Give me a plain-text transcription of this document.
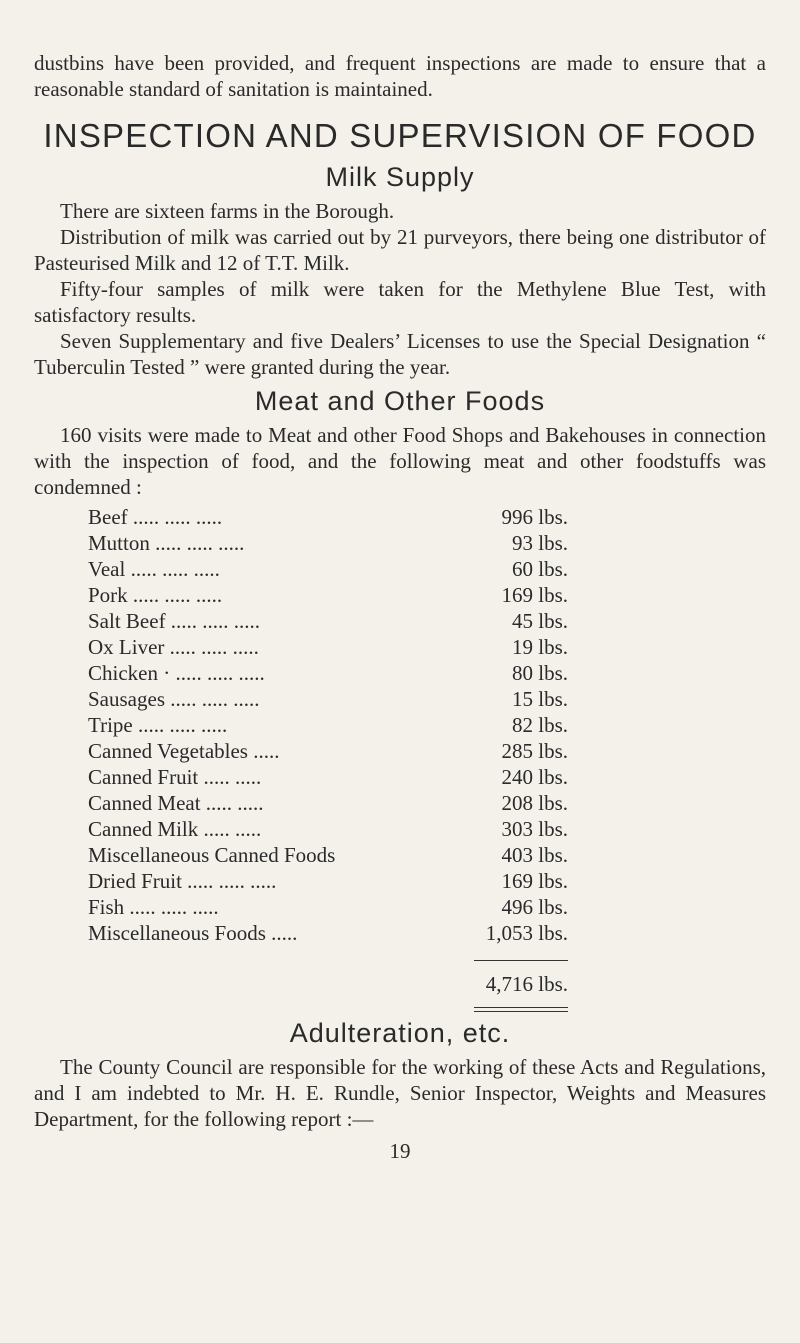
dustbins have been provided, and frequent inspections are made to ensure that a reasonable standard of sanitation is maintained.

INSPECTION AND SUPERVISION OF FOOD
Milk Supply

There are sixteen farms in the Borough.

Distribution of milk was carried out by 21 purveyors, there being one distributor of Pasteurised Milk and 12 of T.T. Milk.

Fifty-four samples of milk were taken for the Methylene Blue Test, with satisfactory results.

Seven Supplementary and five Dealers’ Licenses to use the Special Designation “ Tuberculin Tested ” were granted during the year.

Meat and Other Foods

160 visits were made to Meat and other Food Shops and Bakehouses in connection with the inspection of food, and the following meat and other foodstuffs was condemned :

Beef ..... ..... .....	996 lbs.
Mutton ..... ..... .....	93 lbs.
Veal ..... ..... .....	60 lbs.
Pork ..... ..... .....	169 lbs.
Salt Beef ..... ..... .....	45 lbs.
Ox Liver ..... ..... .....	19 lbs.
Chicken · ..... ..... .....	80 lbs.
Sausages ..... ..... .....	15 lbs.
Tripe ..... ..... .....	82 lbs.
Canned Vegetables .....	285 lbs.
Canned Fruit ..... .....	240 lbs.
Canned Meat ..... .....	208 lbs.
Canned Milk ..... .....	303 lbs.
Miscellaneous Canned Foods	403 lbs.
Dried Fruit ..... ..... .....	169 lbs.
Fish ..... ..... .....	496 lbs.
Miscellaneous Foods .....	1,053 lbs.
4,716 lbs.
Adulteration, etc.

The County Council are responsible for the working of these Acts and Regulations, and I am indebted to Mr. H. E. Rundle, Senior Inspector, Weights and Measures Department, for the following report :—

19
